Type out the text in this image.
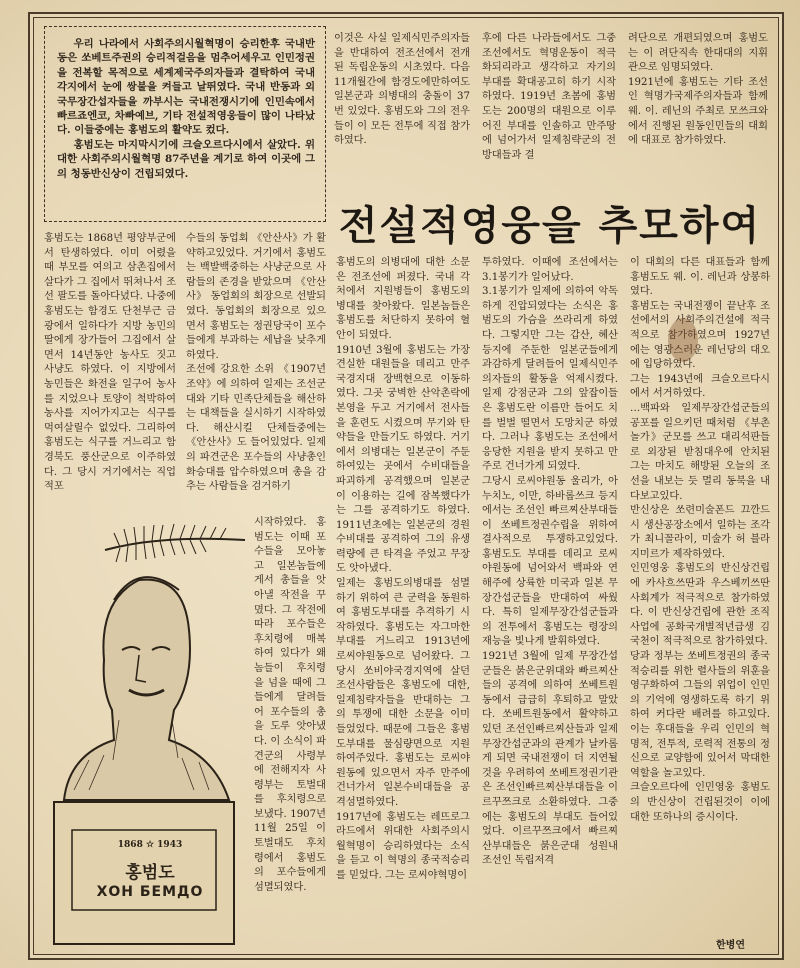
우리 나라에서 사회주의시월혁명이 승리한후 국내반동은 쏘베트주권의 승리적걸음을 멈추어세우고 인민정권을 전복할 목적으로 세계제국주의자들과 결탁하여 국내 각지에서 눈에 쌍불을 켜들고 날뛰였다. 국내 반동과 외국무장간섭자들을 까부시는 국내전쟁시기에 인민속에서 빠르죠엔코, 차빠예브, 기타 전설적영웅들이 많이 나타났다. 이들중에는 홍범도의 활약도 컸다.

홍범도는 마지막시기에 크슬오르다시에서 살았다. 위대한 사회주의시월혁명 87주년을 계기로 하여 이곳에 그의 청동반신상이 건립되였다.

이것은 사실 일제식민주의자들을 반대하여 전조선에서 전개된 독립운동의 시초였다. 다음 11개월간에 함경도에만하여도 일본군과 의병대의 충돌이 37번 있었다. 홍범도와 그의 전우들이 이 모든 전투에 직접 참가하였다.
후에 다른 나라들에서도 그중 조선에서도 혁명운동이 적극화되리라고 생각하고 자기의 부대를 확대공고히 하기 시작하였다. 1919년 초봄에 홍범도는 200명의 대원으로 이루어진 부대를 인솔하고 만주땅에 넘어가서 일제침략군의 전방대들과 결
려단으로 개편되였으며 홍범도는 이 려단직속 한대대의 지휘관으로 임명되였다.
1921년에 홍범도는 기타 조선인 혁명가국제주의자들과 함께 웨. 이. 레닌의 주최로 모쓰크와에서 진행된 원동인민들의 대회에 대표로 참가하였다.
전설적영웅을 추모하여
홍범도는 1868년 평양부군에서 탄생하였다. 이미 어렸을 때 부모를 여의고 삼촌집에서 살다가 그 집에서 뛰쳐나서 조선 팔도를 돌아다녔다. 나중에 홍범도는 함경도 단천부근 금광에서 일하다가 지방 농민의 딸에게 장가들어 그집에서 살면서 14년동안 농사도 짓고 사냥도 하였다. 이 지방에서 농민들은 화전을 일구어 농사를 지었으나 토양이 척박하여 농사를 지어가지고는 식구를 먹여살릴수 없었다. 그리하여 홍범도는 식구를 거느리고 함경북도 풍산군으로 이주하였다. 그 당시 거기에서는 직업적포
수들의 동업회 《안산사》가 활약하고있었다. 거기에서 홍범도는 백발백중하는 사냥군으로 사람들의 존경을 받았으며 《안산사》 동업회의 회장으로 선발되였다. 동업회의 회장으로 있으면서 홍범도는 정권당국이 포수들에게 부과하는 세납을 낮추게 하였다.
조선에 강요한 소위 《1907년조약》에 의하여 일제는 조선군대와 기타 민족단체들을 해산하는 대책들을 실시하기 시작하였다. 해산시킬 단체들중에는 《안산사》도 들어있었다. 일제의 파견군은 포수들의 사냥총인 화승대를 압수하였으며 총을 감추는 사람들을 검거하기
시작하였다. 홍범도는 이때 포수들을 모아놓고 일본놈들에게서 총들을 앗아낼 작전을 꾸몄다. 그 작전에 따라 포수들은 후치령에 매복하여 있다가 왜놈들이 후치령을 넘을 때에 그들에게 달려들어 포수들의 총을 도루 앗아냈다. 이 소식이 파견군의 사령부에 전해지자 사령부는 토벌대를 후치령으로 보냈다. 1907년 11월 25일 이 토벌대도 후치령에서 홍범도의 포수들에게 섬멸되였다.
1868 ☆ 1943
홍범도
ХОН БЕМДО
홍범도의 의병대에 대한 소문은 전조선에 퍼졌다. 국내 각처에서 지원병들이 홍범도의병대를 찾아왔다. 일본놈들은 홍범도를 처단하지 못하여 혈안이 되였다.
1910년 3월에 홍범도는 가장 견실한 대원들을 데리고 만주국경지대 장백현으로 이동하였다. 그곳 궁벽한 산악촌락에 본영을 두고 거기에서 전사들을 훈련도 시켰으며 무기와 탄약들을 만들기도 하였다. 거기에서 의병대는 일본군이 주둔하여있는 곳에서 수비대들을 파괴하게 공격했으며 일본군이 이용하는 길에 잠복했다가는 그를 공격하기도 하였다. 1911년초에는 일본군의 경원수비대를 공격하여 그의 유생력량에 큰 타격을 주었고 무장도 앗아냈다.
일제는 홍범도의병대를 섬멸하기 위하여 큰 군력을 동원하여 홍범도부대를 추격하기 시작하였다. 홍범도는 자그마한 부대를 거느리고 1913년에 로씨야원동으로 넘어왔다. 그 당시 쏘비야국경지역에 살던 조선사람들은 홍범도에 대한, 일제침략자들을 반대하는 그의 투쟁에 대한 소문을 이미 들었었다. 때문에 그들은 홍범도부대를 물심량면으로 지원하여주었다. 홍범도는 로씨야원동에 있으면서 자주 만주에 건너가서 일본수비대들을 공격섬멸하였다.
1917년에 홍범도는 레뜨로그라드에서 위대한 사회주의시월혁명이 승리하였다는 소식을 듣고 이 혁명의 종국적승리를 믿었다. 그는 로씨야혁명이
투하였다. 이때에 조선에서는 3.1봉기가 일어났다.
3.1봉기가 일제에 의하여 악독하게 진압되였다는 소식은 홍범도의 가슴을 쓰라리게 하였다. 그렇지만 그는 갑산, 혜산 등지에 주둔한 일본군들에게 과감하게 달려들어 일제식민주의자들의 활동을 억제시켰다. 일제 강점군과 그의 앞잡이들은 홍범도란 이름만 들어도 치를 벌벌 떨면서 도망치군 하였다. 그러나 홍범도는 조선에서 응당한 지원을 받지 못하고 만주로 건너가게 되였다.
그당시 로씨야원동 울리가, 아누치노, 이만, 하바롭쓰크 등지에서는 조선인 빠르찌산부대들이 쏘베트정권수립을 위하여 결사적으로 투쟁하고있었다. 홍범도도 부대를 데리고 로씨야원동에 넘어와서 백파와 연해주에 상륙한 미국과 일본 무장간섭군들을 반대하여 싸웠다. 특히 일제무장간섭군들과의 전투에서 홍범도는 령장의 재능을 빛나게 발휘하였다.
1921년 3월에 일제 무장간섭군들은 붉은군위대와 빠르찌산들의 공격에 의하여 쏘베트원동에서 급급히 후퇴하고 말았다. 쏘베트원동에서 활약하고있던 조선인빠르찌산들과 일제무장간섭군과의 관계가 날카롭게 되면 국내전쟁이 더 지연될것을 우려하여 쏘베트정권기관은 조선인빠르찌산부대들을 이르꾸쯔크로 소환하였다. 그중에는 홍범도의 부대도 들어있었다. 이르꾸쯔크에서 빠르찌산부대들은 붉은군대 성원내 조선인 독립저격
이 대회의 다른 대표들과 함께 홍범도도 웨. 이. 레닌과 상봉하였다.
홍범도는 국내전쟁이 끝난후 조선에서의 사회주의건설에 적극적으로 참가하였으며 1927년에는 영광스러운 레닌당의 대오에 입당하였다.
그는 1943년에 크슬오르다시에서 서거하였다.
…백파와 일제무장간섭군들의 공포를 일으키던 때처럼 《부촌놀가》군모를 쓰고 대리석판들로 외장된 받침대우에 안치된 그는 마치도 해방된 오늘의 조선을 내보는 듯 멀리 동북을 내다보고있다.
반신상은 쏘련미술폰드 끄깐드시 생산공장소에서 일하는 조각가 최니꼴라이, 미술가 허 블라지미르가 제작하였다.
인민영웅 홍범도의 반신상건립에 카사흐쓰딴과 우스베끼쓰딴 사회계가 적극적으로 참가하였다. 이 반신상건립에 관한 조직사업에 공화국개별적년급생 김국천이 적극적으로 참가하였다.
당과 정부는 쏘베트정권의 종국적승리를 위한 렬사들의 위훈을 영구화하여 그들의 위업이 인민의 기억에 영생하도록 하기 위하여 커다란 배려를 하고있다. 이는 후대들을 우리 인민의 혁명적, 전투적, 로력적 전통의 정신으로 교양함에 있어서 막대한 역할을 놀고있다.
크슬오르다에 인민영웅 홍범도의 반신상이 건립된것이 이에 대한 또하나의 증시이다.
한병연
